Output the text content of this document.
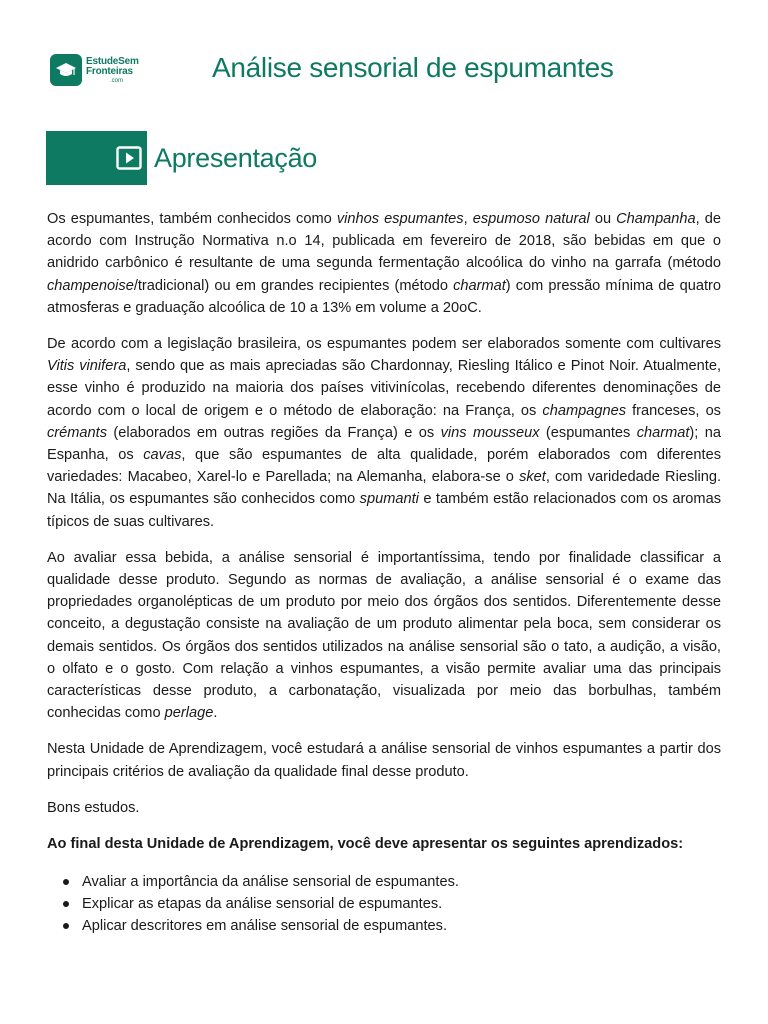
EstudeSem
Fronteiras
.com	Análise sensorial de espumantes
Apresentação

Os espumantes, também conhecidos como vinhos espumantes, espumoso natural ou Champanha, de acordo com Instrução Normativa n.o 14, publicada em fevereiro de 2018, são bebidas em que o anidrido carbônico é resultante de uma segunda fermentação alcoólica do vinho na garrafa (método champenoise/tradicional) ou em grandes recipientes (método charmat) com pressão mínima de quatro atmosferas e graduação alcoólica de 10 a 13% em volume a 20oC.

De acordo com a legislação brasileira, os espumantes podem ser elaborados somente com cultivares Vitis vinifera, sendo que as mais apreciadas são Chardonnay, Riesling Itálico e Pinot Noir. Atualmente, esse vinho é produzido na maioria dos países vitivinícolas, recebendo diferentes denominações de acordo com o local de origem e o método de elaboração: na França, os champagnes franceses, os crémants (elaborados em outras regiões da França) e os vins mousseux (espumantes charmat); na Espanha, os cavas, que são espumantes de alta qualidade, porém elaborados com diferentes variedades: Macabeo, Xarel-lo e Parellada; na Alemanha, elabora-se o sket, com varidedade Riesling. Na Itália, os espumantes são conhecidos como spumanti e também estão relacionados com os aromas típicos de suas cultivares.

Ao avaliar essa bebida, a análise sensorial é importantíssima, tendo por finalidade classificar a qualidade desse produto. Segundo as normas de avaliação, a análise sensorial é o exame das propriedades organolépticas de um produto por meio dos órgãos dos sentidos. Diferentemente desse conceito, a degustação consiste na avaliação de um produto alimentar pela boca, sem considerar os demais sentidos. Os órgãos dos sentidos utilizados na análise sensorial são o tato, a audição, a visão, o olfato e o gosto. Com relação a vinhos espumantes, a visão permite avaliar uma das principais características desse produto, a carbonatação, visualizada por meio das borbulhas, também conhecidas como perlage.

Nesta Unidade de Aprendizagem, você estudará a análise sensorial de vinhos espumantes a partir dos principais critérios de avaliação da qualidade final desse produto.

Bons estudos.

Ao final desta Unidade de Aprendizagem, você deve apresentar os seguintes aprendizados:

Avaliar a importância da análise sensorial de espumantes.
Explicar as etapas da análise sensorial de espumantes.
Aplicar descritores em análise sensorial de espumantes.
